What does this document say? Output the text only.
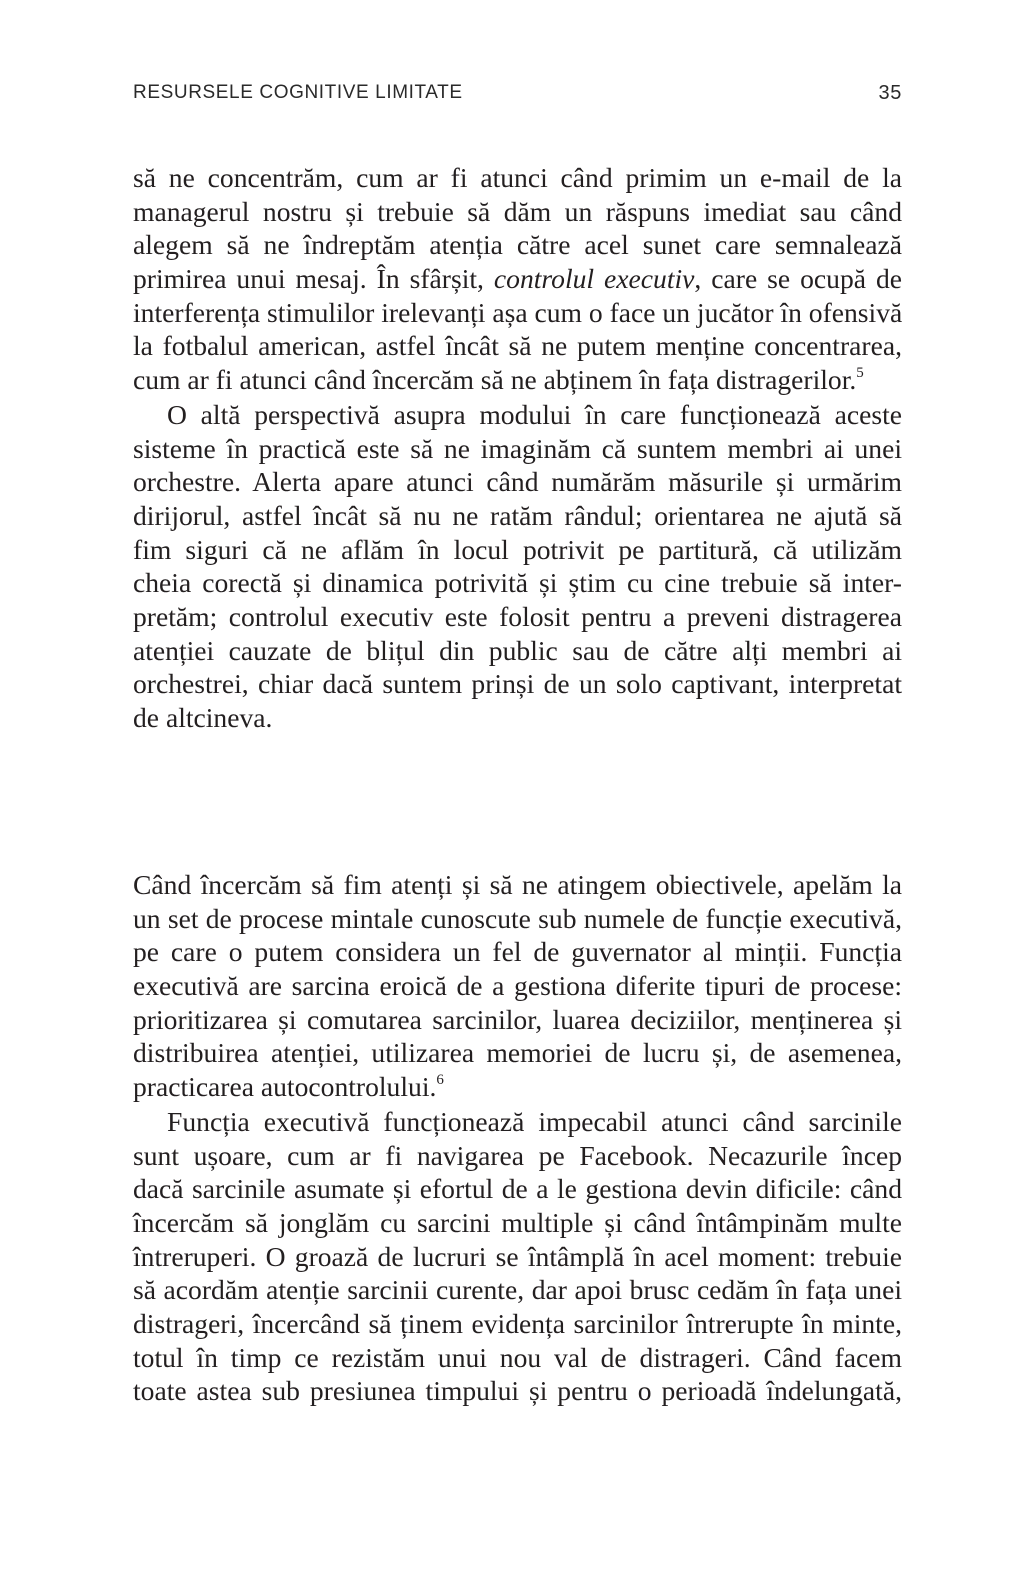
RESURSELE COGNITIVE LIMITATE	35
să ne concentrăm, cum ar fi atunci când primim un e-mail de la
managerul nostru și trebuie să dăm un răspuns imediat sau când
alegem să ne îndreptăm atenția către acel sunet care semnalează
primirea unui mesaj. În sfârșit, controlul executiv, care se ocupă de
interferența stimulilor irelevanți așa cum o face un jucător în ofensivă
la fotbalul american, astfel încât să ne putem menține concentrarea,
cum ar fi atunci când încercăm să ne abținem în fața distragerilor.$^5$
O altă perspectivă asupra modului în care funcționează aceste
sisteme în practică este să ne imaginăm că suntem membri ai unei
orchestre. Alerta apare atunci când numărăm măsurile și urmărim
dirijorul, astfel încât să nu ne ratăm rândul; orientarea ne ajută să
fim siguri că ne aflăm în locul potrivit pe partitură, că utilizăm
cheia corectă și dinamica potrivită și știm cu cine trebuie să inter-
pretăm; controlul executiv este folosit pentru a preveni distragerea
atenției cauzate de blițul din public sau de către alți membri ai
orchestrei, chiar dacă suntem prinși de un solo captivant, interpretat
de altcineva.
Când încercăm să fim atenți și să ne atingem obiectivele, apelăm la
un set de procese mintale cunoscute sub numele de funcție executivă,
pe care o putem considera un fel de guvernator al minții. Funcția
executivă are sarcina eroică de a gestiona diferite tipuri de procese:
prioritizarea și comutarea sarcinilor, luarea deciziilor, menținerea și
distribuirea atenției, utilizarea memoriei de lucru și, de asemenea,
practicarea autocontrolului.$^6$
Funcția executivă funcționează impecabil atunci când sarcinile
sunt ușoare, cum ar fi navigarea pe Facebook. Necazurile încep
dacă sarcinile asumate și efortul de a le gestiona devin dificile: când
încercăm să jonglăm cu sarcini multiple și când întâmpinăm multe
întreruperi. O groază de lucruri se întâmplă în acel moment: trebuie
să acordăm atenție sarcinii curente, dar apoi brusc cedăm în fața unei
distrageri, încercând să ținem evidența sarcinilor întrerupte în minte,
totul în timp ce rezistăm unui nou val de distrageri. Când facem
toate astea sub presiunea timpului și pentru o perioadă îndelungată,
